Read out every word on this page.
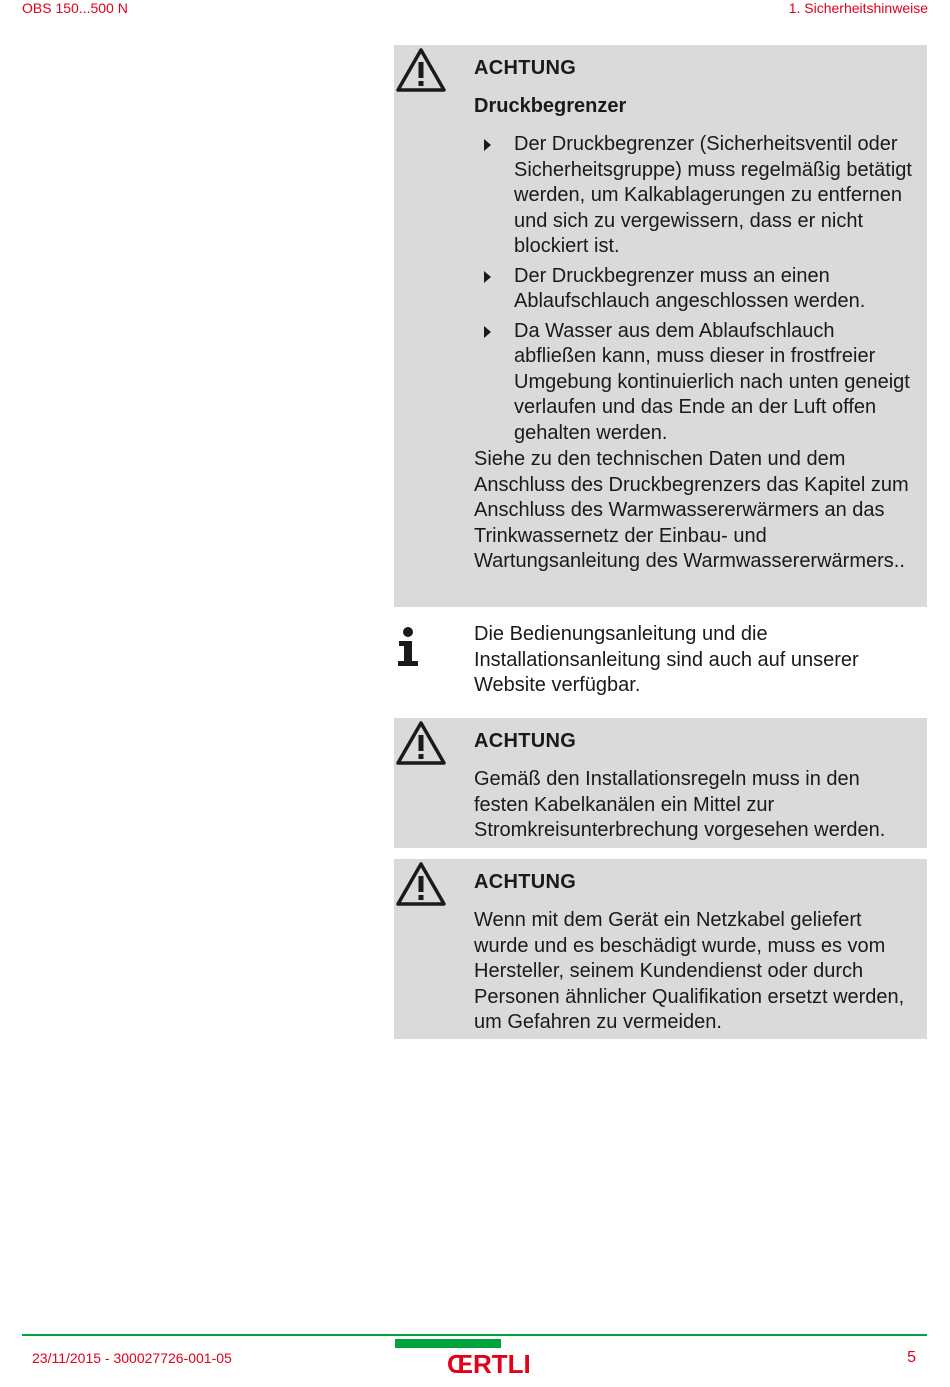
OBS 150...500 N	1. Sicherheitshinweise
ACHTUNG
Druckbegrenzer
Der Druckbegrenzer (Sicherheitsventil oder Sicherheitsgruppe) muss regelmäßig betätigt werden, um Kalkablagerungen zu entfernen und sich zu vergewissern, dass er nicht blockiert ist.
Der Druckbegrenzer muss an einen Ablaufschlauch angeschlossen werden.
Da Wasser aus dem Ablaufschlauch abfließen kann, muss dieser in frostfreier Umgebung kontinuierlich nach unten geneigt verlaufen und das Ende an der Luft offen gehalten werden.
Siehe zu den technischen Daten und dem Anschluss des Druckbegrenzers das Kapitel zum Anschluss des Warmwassererwärmers an das Trinkwassernetz der Einbau- und Wartungsanleitung des Warmwassererwärmers..
Die Bedienungsanleitung und die Installationsanleitung sind auch auf unserer Website verfügbar.
ACHTUNG
Gemäß den Installationsregeln muss in den festen Kabelkanälen ein Mittel zur Stromkreisunterbrechung vorgesehen werden.
ACHTUNG
Wenn mit dem Gerät ein Netzkabel geliefert wurde und es beschädigt wurde, muss es vom Hersteller, seinem Kundendienst oder durch Personen ähnlicher Qualifikation ersetzt werden, um Gefahren zu vermeiden.
23/11/2015 - 300027726-001-05	ŒRTLI	5
